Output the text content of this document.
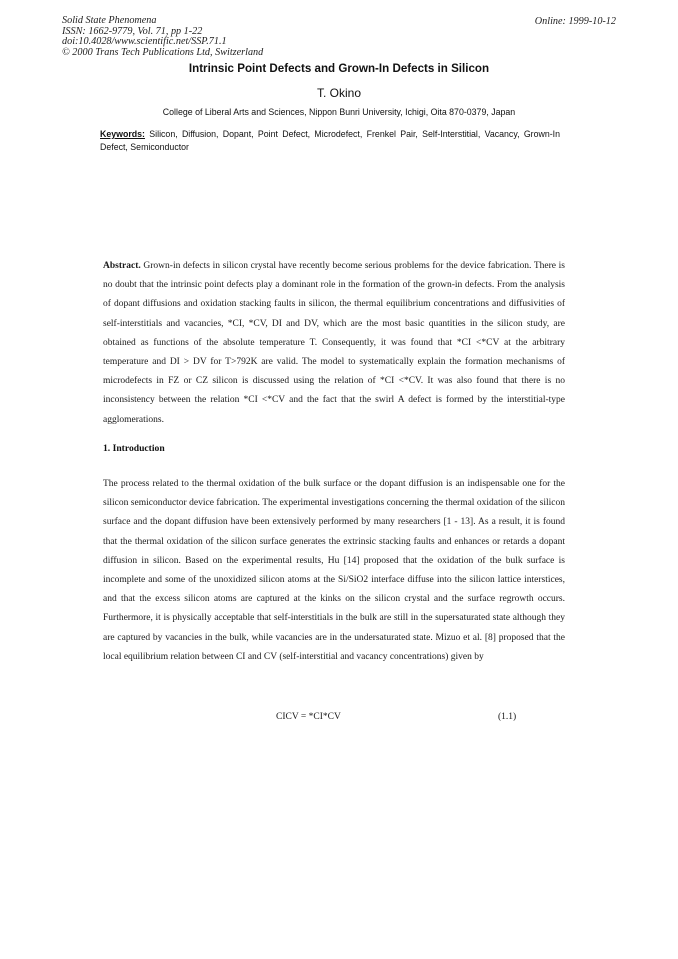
Solid State Phenomena
ISSN: 1662-9779, Vol. 71, pp 1-22
doi:10.4028/www.scientific.net/SSP.71.1
© 2000 Trans Tech Publications Ltd, Switzerland
Online: 1999-10-12
Intrinsic Point Defects and Grown-In Defects in Silicon
T. Okino
College of Liberal Arts and Sciences, Nippon Bunri University, Ichigi, Oita 870-0379, Japan
Keywords: Silicon, Diffusion, Dopant, Point Defect, Microdefect, Frenkel Pair, Self-Interstitial, Vacancy, Grown-In Defect, Semiconductor
Abstract. Grown-in defects in silicon crystal have recently become serious problems for the device fabrication. There is no doubt that the intrinsic point defects play a dominant role in the formation of the grown-in defects. From the analysis of dopant diffusions and oxidation stacking faults in silicon, the thermal equilibrium concentrations and diffusivities of self-interstitials and vacancies, *CI, *CV, DI and DV, which are the most basic quantities in the silicon study, are obtained as functions of the absolute temperature T. Consequently, it was found that *CI <*CV at the arbitrary temperature and DI > DV for T>792K are valid. The model to systematically explain the formation mechanisms of microdefects in FZ or CZ silicon is discussed using the relation of *CI <*CV. It was also found that there is no inconsistency between the relation *CI <*CV and the fact that the swirl A defect is formed by the interstitial-type agglomerations.
1. Introduction
The process related to the thermal oxidation of the bulk surface or the dopant diffusion is an indispensable one for the silicon semiconductor device fabrication. The experimental investigations concerning the thermal oxidation of the silicon surface and the dopant diffusion have been extensively performed by many researchers [1 - 13]. As a result, it is found that the thermal oxidation of the silicon surface generates the extrinsic stacking faults and enhances or retards a dopant diffusion in silicon. Based on the experimental results, Hu [14] proposed that the oxidation of the bulk surface is incomplete and some of the unoxidized silicon atoms at the Si/SiO2 interface diffuse into the silicon lattice interstices, and that the excess silicon atoms are captured at the kinks on the silicon crystal and the surface regrowth occurs. Furthermore, it is physically acceptable that self-interstitials in the bulk are still in the supersaturated state although they are captured by vacancies in the bulk, while vacancies are in the undersaturated state. Mizuo et al. [8] proposed that the local equilibrium relation between CI and CV (self-interstitial and vacancy concentrations) given by
CICV = *CI*CV	(1.1)
